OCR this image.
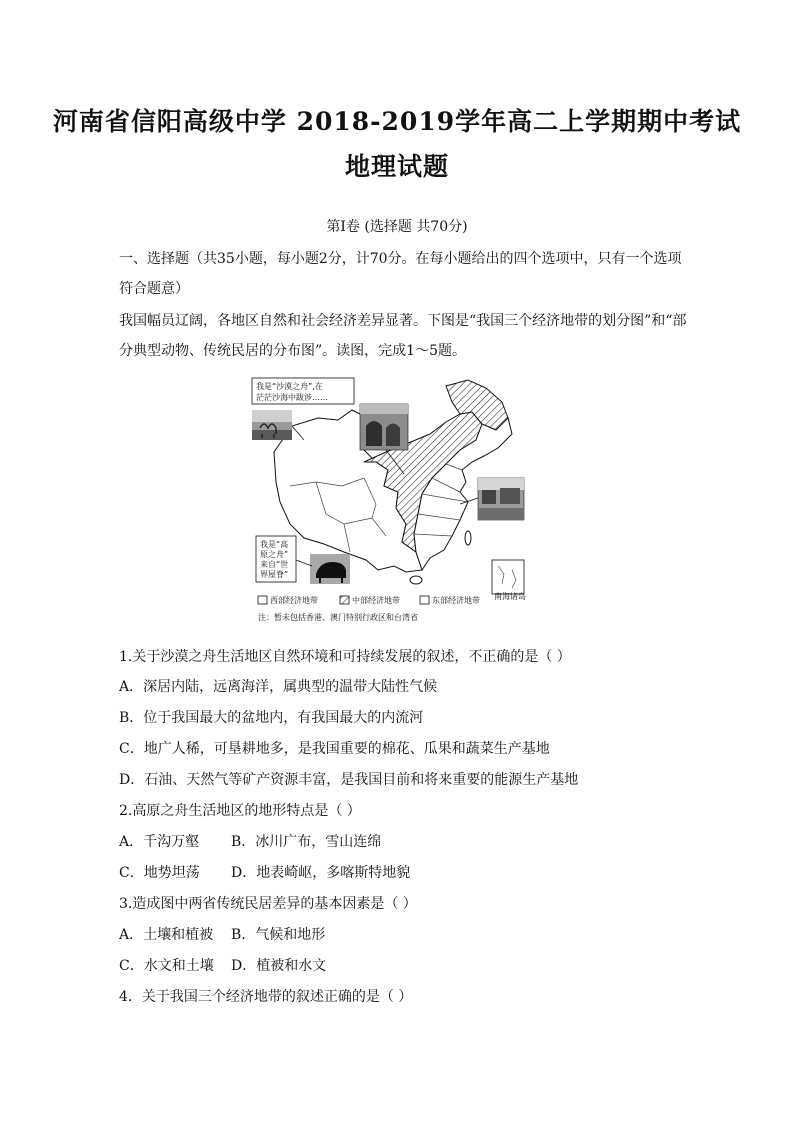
河南省信阳高级中学 2018-2019学年高二上学期期中考试
地理试题
第Ⅰ卷 (选择题 共70分)
一、选择题（共35小题，每小题2分，计70分。在每小题给出的四个选项中，只有一个选项符合题意）
我国幅员辽阔，各地区自然和社会经济差异显著。下图是“我国三个经济地带的划分图”和“部分典型动物、传统民居的分布图”。读图，完成1～5题。
我是“沙漠之舟”,在
茫茫沙海中跋涉……
我是“高
原之舟”
来自“世
界屋脊”
南海诸岛
西部经济地带	中部经济地带	东部经济地带
注：暂未包括香港、澳门特别行政区和台湾省
1.关于沙漠之舟生活地区自然环境和可持续发展的叙述，不正确的是（ ）
A．深居内陆，远离海洋，属典型的温带大陆性气候
B．位于我国最大的盆地内，有我国最大的内流河
C．地广人稀，可垦耕地多，是我国重要的棉花、瓜果和蔬菜生产基地
D．石油、天然气等矿产资源丰富，是我国目前和将来重要的能源生产基地
2.高原之舟生活地区的地形特点是（ ）
A．千沟万壑 B．冰川广布，雪山连绵
C．地势坦荡 D．地表崎岖，多喀斯特地貌
3.造成图中两省传统民居差异的基本因素是（ ）
A．土壤和植被 B．气候和地形
C．水文和土壤 D．植被和水文
4．关于我国三个经济地带的叙述正确的是（ ）
